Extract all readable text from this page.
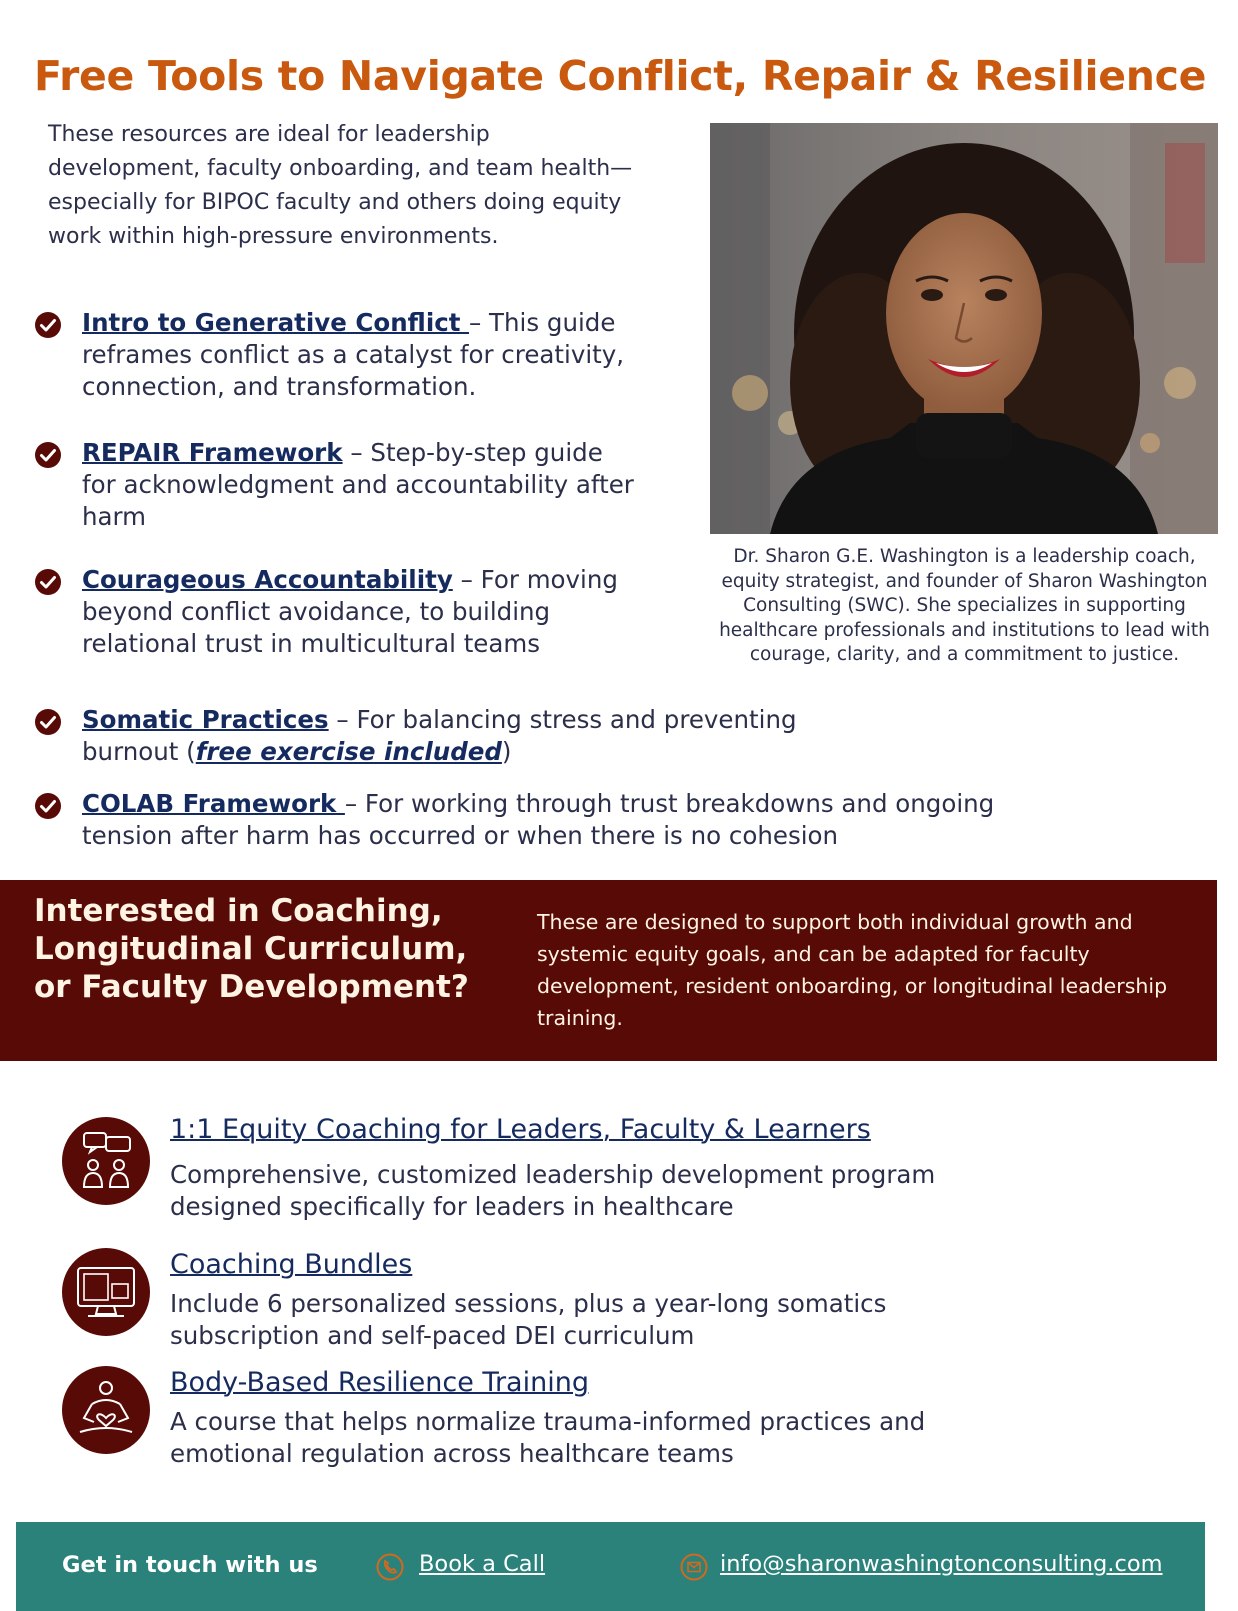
Free Tools to Navigate Conflict, Repair & Resilience

These resources are ideal for leadership development, faculty onboarding, and team health—especially for BIPOC faculty and others doing equity work within high-pressure environments.

Dr. Sharon G.E. Washington is a leadership coach, equity strategist, and founder of Sharon Washington Consulting (SWC). She specializes in supporting healthcare professionals and institutions to lead with courage, clarity, and a commitment to justice.

Intro to Generative Conflict – This guide reframes conflict as a catalyst for creativity, connection, and transformation.
REPAIR Framework – Step-by-step guide for acknowledgment and accountability after harm
Courageous Accountability – For moving beyond conflict avoidance, to building relational trust in multicultural teams
Somatic Practices – For balancing stress and preventing burnout (free exercise included)
COLAB Framework – For working through trust breakdowns and ongoing tension after harm has occurred or when there is no cohesion
Interested in Coaching, Longitudinal Curriculum, or Faculty Development?

These are designed to support both individual growth and systemic equity goals, and can be adapted for faculty development, resident onboarding, or longitudinal leadership training.

1:1 Equity Coaching for Leaders, Faculty & Learners

Comprehensive, customized leadership development program designed specifically for leaders in healthcare

Coaching Bundles

Include 6 personalized sessions, plus a year-long somatics subscription and self-paced DEI curriculum

Body-Based Resilience Training

A course that helps normalize trauma-informed practices and emotional regulation across healthcare teams

Get in touch with us	Book a Call	info@sharonwashingtonconsulting.com
